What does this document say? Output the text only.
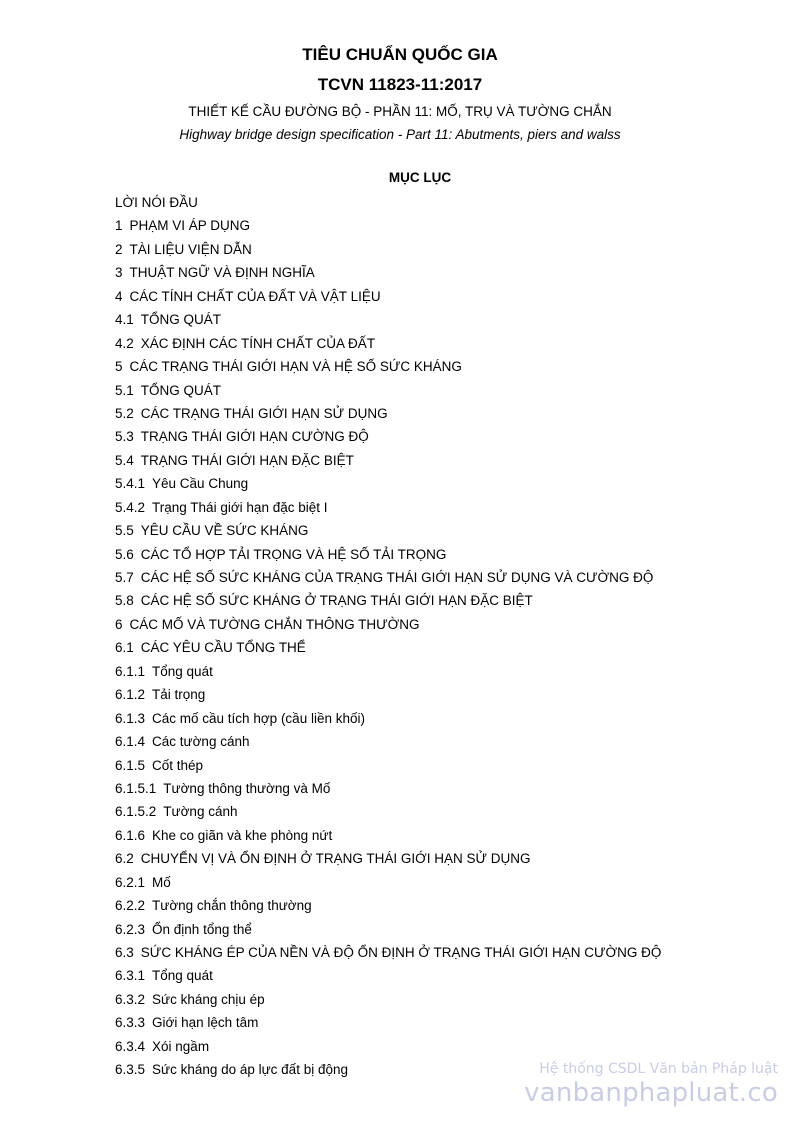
TIÊU CHUẨN QUỐC GIA
TCVN 11823-11:2017
THIẾT KẾ CẦU ĐƯỜNG BỘ - PHẦN 11: MỐ, TRỤ VÀ TƯỜNG CHẮN
Highway bridge design specification - Part 11: Abutments, piers and walss
MỤC LỤC
LỜI NÓI ĐẦU
1 PHẠM VI ÁP DỤNG
2 TÀI LIỆU VIỆN DẪN
3 THUẬT NGỮ VÀ ĐỊNH NGHĨA
4 CÁC TÍNH CHẤT CỦA ĐẤT VÀ VẬT LIỆU
4.1 TỔNG QUÁT
4.2 XÁC ĐỊNH CÁC TÍNH CHẤT CỦA ĐẤT
5 CÁC TRẠNG THÁI GIỚI HẠN VÀ HỆ SỐ SỨC KHÁNG
5.1 TỔNG QUÁT
5.2 CÁC TRẠNG THÁI GIỚI HẠN SỬ DỤNG
5.3 TRẠNG THÁI GIỚI HẠN CƯỜNG ĐỘ
5.4 TRẠNG THÁI GIỚI HẠN ĐẶC BIỆT
5.4.1 Yêu Cầu Chung
5.4.2 Trạng Thái giới hạn đặc biệt I
5.5 YÊU CẦU VỀ SỨC KHÁNG
5.6 CÁC TỔ HỢP TẢI TRỌNG VÀ HỆ SỐ TẢI TRỌNG
5.7 CÁC HỆ SỐ SỨC KHÁNG CỦA TRẠNG THÁI GIỚI HẠN SỬ DỤNG VÀ CƯỜNG ĐỘ
5.8 CÁC HỆ SỐ SỨC KHÁNG Ở TRẠNG THÁI GIỚI HẠN ĐẶC BIỆT
6 CÁC MỐ VÀ TƯỜNG CHẮN THÔNG THƯỜNG
6.1 CÁC YÊU CẦU TỔNG THỂ
6.1.1 Tổng quát
6.1.2 Tải trọng
6.1.3 Các mố cầu tích hợp (cầu liền khối)
6.1.4 Các tường cánh
6.1.5 Cốt thép
6.1.5.1 Tường thông thường và Mố
6.1.5.2 Tường cánh
6.1.6 Khe co giãn và khe phòng nứt
6.2 CHUYỂN VỊ VÀ ỔN ĐỊNH Ở TRẠNG THÁI GIỚI HẠN SỬ DỤNG
6.2.1 Mố
6.2.2 Tường chắn thông thường
6.2.3 Ổn định tổng thể
6.3 SỨC KHÁNG ÉP CỦA NỀN VÀ ĐỘ ỔN ĐỊNH Ở TRẠNG THÁI GIỚI HẠN CƯỜNG ĐỘ
6.3.1 Tổng quát
6.3.2 Sức kháng chịu ép
6.3.3 Giới hạn lệch tâm
6.3.4 Xói ngầm
6.3.5 Sức kháng do áp lực đất bị động	Hệ thống CSDL Văn bản Pháp luật
vanbanphapluat.co
